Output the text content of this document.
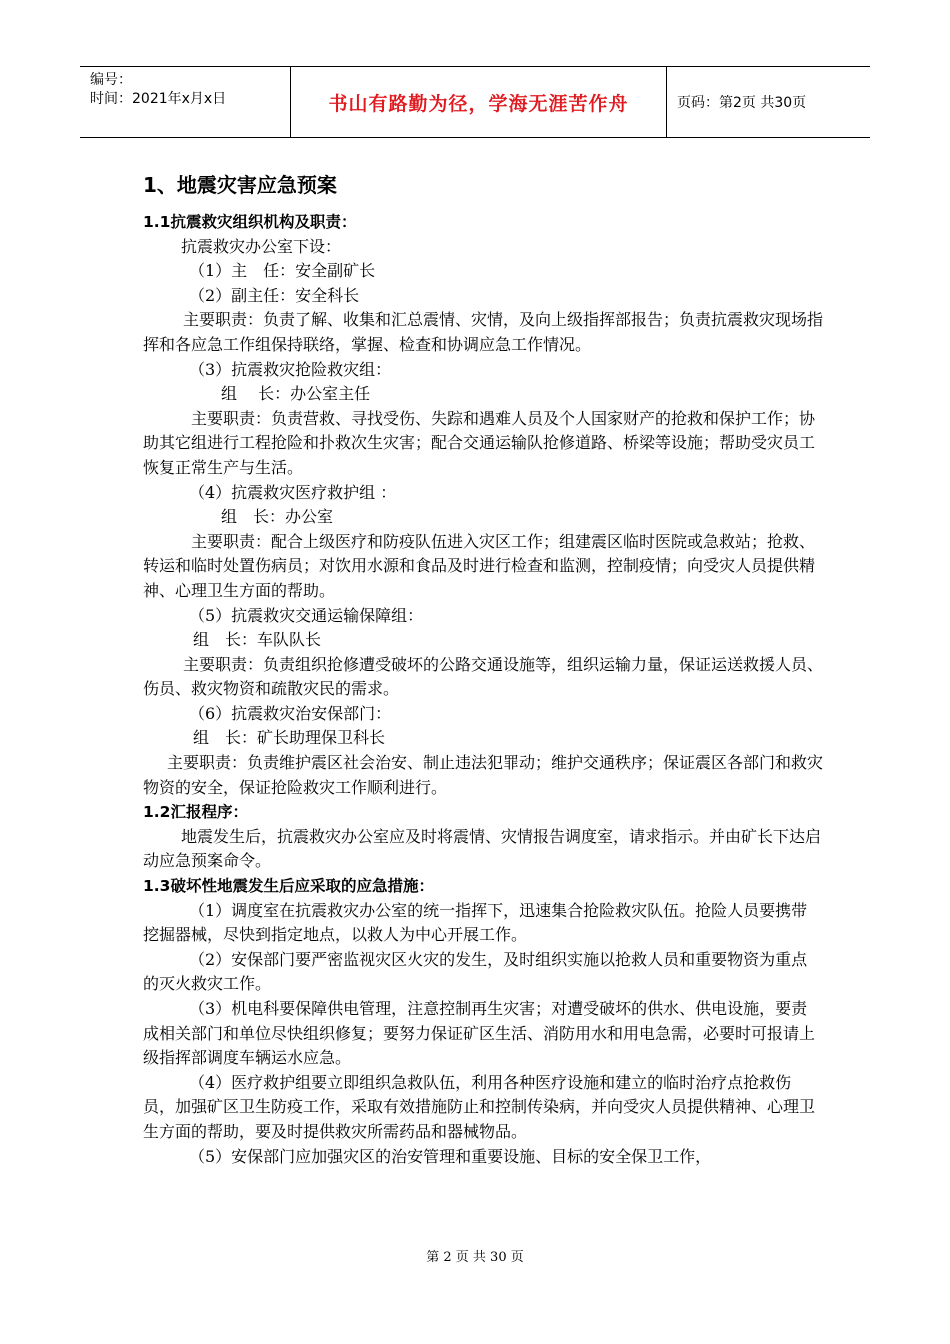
编号：
时间：2021年x月x日	书山有路勤为径，学海无涯苦作舟	页码：第2页 共30页
1、地震灾害应急预案

1.1抗震救灾组织机构及职责：

抗震救灾办公室下设：

（1）主　任：安全副矿长

（2）副主任：安全科长

主要职责：负责了解、收集和汇总震情、灾情，及向上级指挥部报告；负责抗震救灾现场指挥和各应急工作组保持联络，掌握、检查和协调应急工作情况。

（3）抗震救灾抢险救灾组：

组　 长：办公室主任

主要职责：负责营救、寻找受伤、失踪和遇难人员及个人国家财产的抢救和保护工作；协助其它组进行工程抢险和扑救次生灾害；配合交通运输队抢修道路、桥梁等设施；帮助受灾员工恢复正常生产与生活。

（4）抗震救灾医疗救护组 ：

组　长：办公室

主要职责：配合上级医疗和防疫队伍进入灾区工作；组建震区临时医院或急救站；抢救、转运和临时处置伤病员；对饮用水源和食品及时进行检查和监测，控制疫情；向受灾人员提供精神、心理卫生方面的帮助。

（5）抗震救灾交通运输保障组：

组　长：车队队长

主要职责：负责组织抢修遭受破坏的公路交通设施等，组织运输力量，保证运送救援人员、伤员、救灾物资和疏散灾民的需求。

（6）抗震救灾治安保部门：

组　长：矿长助理保卫科长

主要职责：负责维护震区社会治安、制止违法犯罪动；维护交通秩序；保证震区各部门和救灾物资的安全，保证抢险救灾工作顺利进行。

1.2汇报程序：

地震发生后，抗震救灾办公室应及时将震情、灾情报告调度室，请求指示。并由矿长下达启动应急预案命令。

1.3破坏性地震发生后应采取的应急措施：

（1）调度室在抗震救灾办公室的统一指挥下，迅速集合抢险救灾队伍。抢险人员要携带挖掘器械，尽快到指定地点，以救人为中心开展工作。

（2）安保部门要严密监视灾区火灾的发生，及时组织实施以抢救人员和重要物资为重点的灭火救灾工作。

（3）机电科要保障供电管理，注意控制再生灾害；对遭受破坏的供水、供电设施，要责成相关部门和单位尽快组织修复；要努力保证矿区生活、消防用水和用电急需，必要时可报请上级指挥部调度车辆运水应急。

（4）医疗救护组要立即组织急救队伍，利用各种医疗设施和建立的临时治疗点抢救伤员，加强矿区卫生防疫工作，采取有效措施防止和控制传染病，并向受灾人员提供精神、心理卫生方面的帮助，要及时提供救灾所需药品和器械物品。

（5）安保部门应加强灾区的治安管理和重要设施、目标的安全保卫工作，

第 2 页 共 30 页
